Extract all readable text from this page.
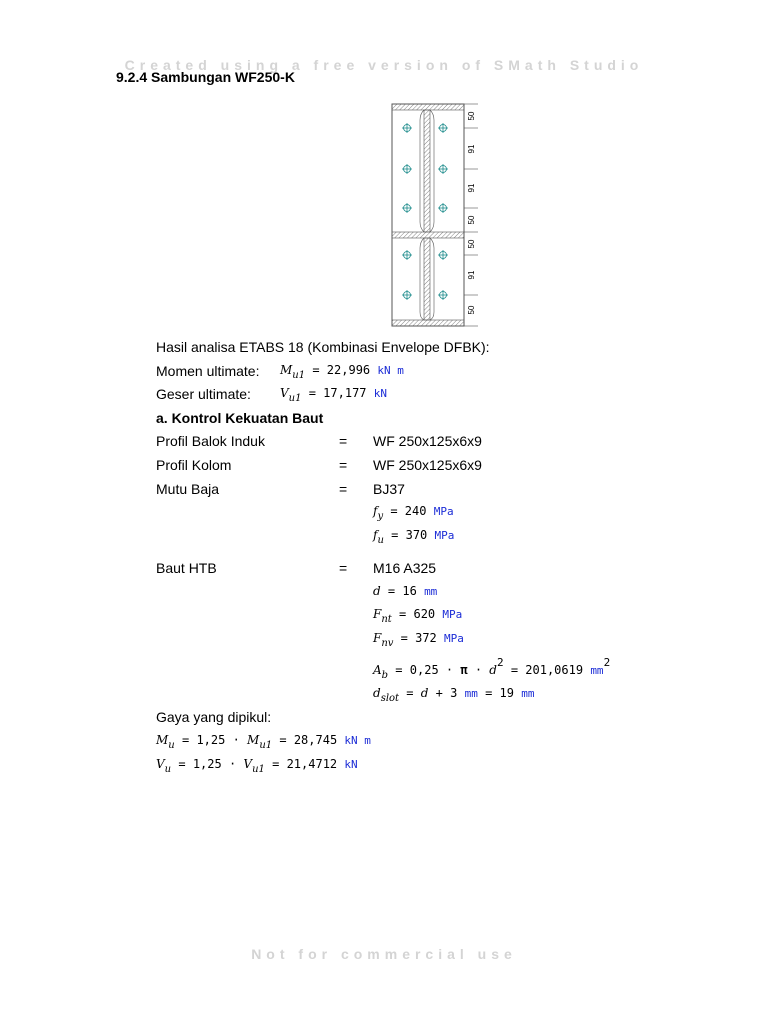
Created using a free version of SMath Studio
9.2.4 Sambungan WF250-K
50
91
91
50
50
91
50
Hasil analisa ETABS 18 (Kombinasi Envelope DFBK):
Momen ultimate: $M_{u1} = 22,996$ kN m
Geser ultimate: $V_{u1} = 17,177$ kN
a. Kontrol Kekuatan Baut
Profil Balok Induk	= WF 250x125x6x9
Profil Kolom	= WF 250x125x6x9
Mutu Baja	= BJ37
$f_y = 240$ MPa
$f_u = 370$ MPa
Baut HTB	= M16 A325
d = 16 mm
$F_{nt} = 620$ MPa
$F_{nv} = 372$ MPa
$A_b = 0,25 \cdot \pi \cdot d^2 = 201,0619$ $mm^2$
$d_{slot} = d + 3$ mm = 19 mm
Gaya yang dipikul:
$M_u = 1,25 \cdot M_{u1} = 28,745$ kN m
$V_u = 1,25 \cdot V_{u1} = 21,4712$ kN
Not for commercial use
